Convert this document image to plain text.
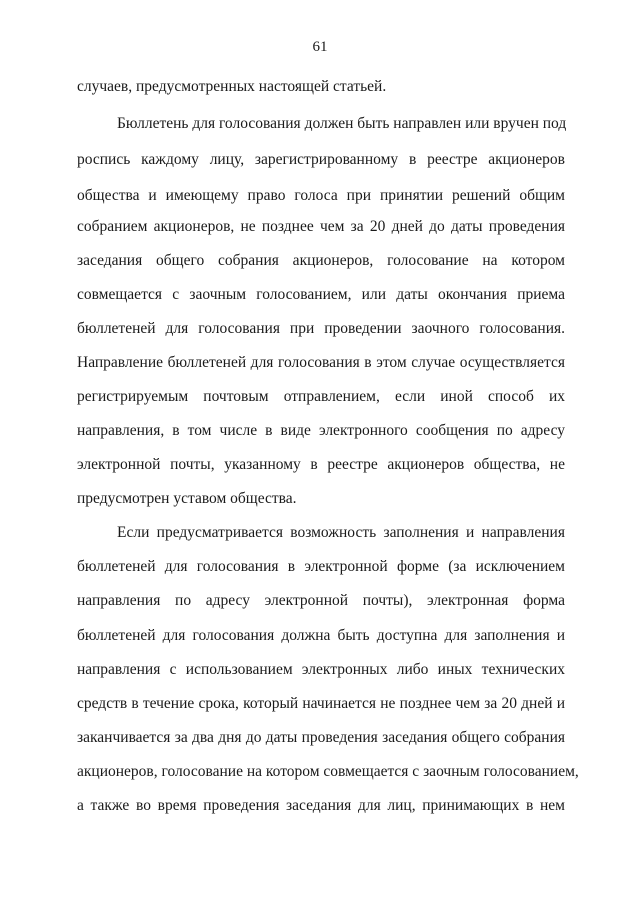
61
случаев, предусмотренных настоящей статьей.
Бюллетень для голосования должен быть направлен или вручен под
роспись каждому лицу, зарегистрированному в реестре акционеров
общества и имеющему право голоса при принятии решений общим
собранием акционеров, не позднее чем за 20 дней до даты проведения
заседания общего собрания акционеров, голосование на котором
совмещается с заочным голосованием, или даты окончания приема
бюллетеней для голосования при проведении заочного голосования.
Направление бюллетеней для голосования в этом случае осуществляется
регистрируемым почтовым отправлением, если иной способ их
направления, в том числе в виде электронного сообщения по адресу
электронной почты, указанному в реестре акционеров общества, не
предусмотрен уставом общества.
Если предусматривается возможность заполнения и направления
бюллетеней для голосования в электронной форме (за исключением
направления по адресу электронной почты), электронная форма
бюллетеней для голосования должна быть доступна для заполнения и
направления с использованием электронных либо иных технических
средств в течение срока, который начинается не позднее чем за 20 дней и
заканчивается за два дня до даты проведения заседания общего собрания
акционеров, голосование на котором совмещается с заочным голосованием,
а также во время проведения заседания для лиц, принимающих в нем
